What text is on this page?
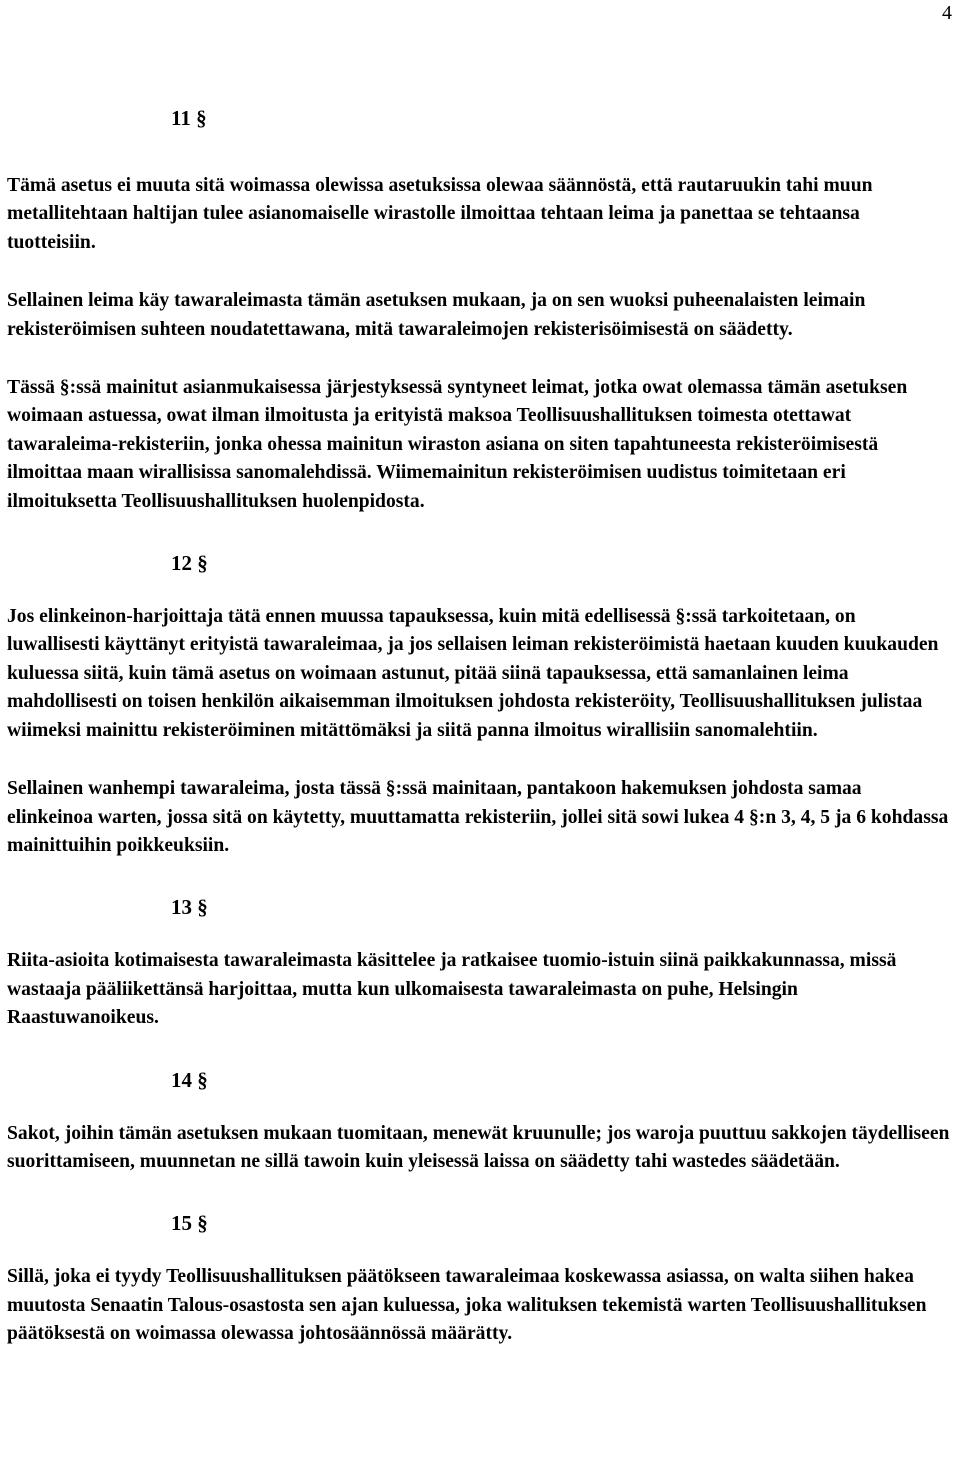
4

11 §

Tämä asetus ei muuta sitä woimassa olewissa asetuksissa olewaa säännöstä, että rautaruukin tahi muun metallitehtaan haltijan tulee asianomaiselle wirastolle ilmoittaa tehtaan leima ja panettaa se tehtaansa tuotteisiin.

Sellainen leima käy tawaraleimasta tämän asetuksen mukaan, ja on sen wuoksi puheenalaisten leimain rekisteröimisen suhteen noudatettawana, mitä tawaraleimojen rekisterisöimisestä on säädetty.

Tässä §:ssä mainitut asianmukaisessa järjestyksessä syntyneet leimat, jotka owat olemassa tämän asetuksen woimaan astuessa, owat ilman ilmoitusta ja erityistä maksoa Teollisuushallituksen toimesta otettawat tawaraleima-rekisteriin, jonka ohessa mainitun wiraston asiana on siten tapahtuneesta rekisteröimisestä ilmoittaa maan wirallisissa sanomalehdissä. Wiimemainitun rekisteröimisen uudistus toimitetaan eri ilmoituksetta Teollisuushallituksen huolenpidosta.

12 §

Jos elinkeinon-harjoittaja tätä ennen muussa tapauksessa, kuin mitä edellisessä §:ssä tarkoitetaan, on luwallisesti käyttänyt erityistä tawaraleimaa, ja jos sellaisen leiman rekisteröimistä haetaan kuuden kuukauden kuluessa siitä, kuin tämä asetus on woimaan astunut, pitää siinä tapauksessa, että samanlainen leima mahdollisesti on toisen henkilön aikaisemman ilmoituksen johdosta rekisteröity, Teollisuushallituksen julistaa wiimeksi mainittu rekisteröiminen mitättömäksi ja siitä panna ilmoitus wirallisiin sanomalehtiin.

Sellainen wanhempi tawaraleima, josta tässä §:ssä mainitaan, pantakoon hakemuksen johdosta samaa elinkeinoa warten, jossa sitä on käytetty, muuttamatta rekisteriin, jollei sitä sowi lukea 4 §:n 3, 4, 5 ja 6 kohdassa mainittuihin poikkeuksiin.

13 §

Riita-asioita kotimaisesta tawaraleimasta käsittelee ja ratkaisee tuomio-istuin siinä paikkakunnassa, missä wastaaja pääliikettänsä harjoittaa, mutta kun ulkomaisesta tawaraleimasta on puhe, Helsingin Raastuwanoikeus.

14 §

Sakot, joihin tämän asetuksen mukaan tuomitaan, menewät kruunulle; jos waroja puuttuu sakkojen täydelliseen suorittamiseen, muunnetan ne sillä tawoin kuin yleisessä laissa on säädetty tahi wastedes säädetään.

15 §

Sillä, joka ei tyydy Teollisuushallituksen päätökseen tawaraleimaa koskewassa asiassa, on walta siihen hakea muutosta Senaatin Talous-osastosta sen ajan kuluessa, joka walituksen tekemistä warten Teollisuushallituksen päätöksestä on woimassa olewassa johtosäännössä määrätty.
